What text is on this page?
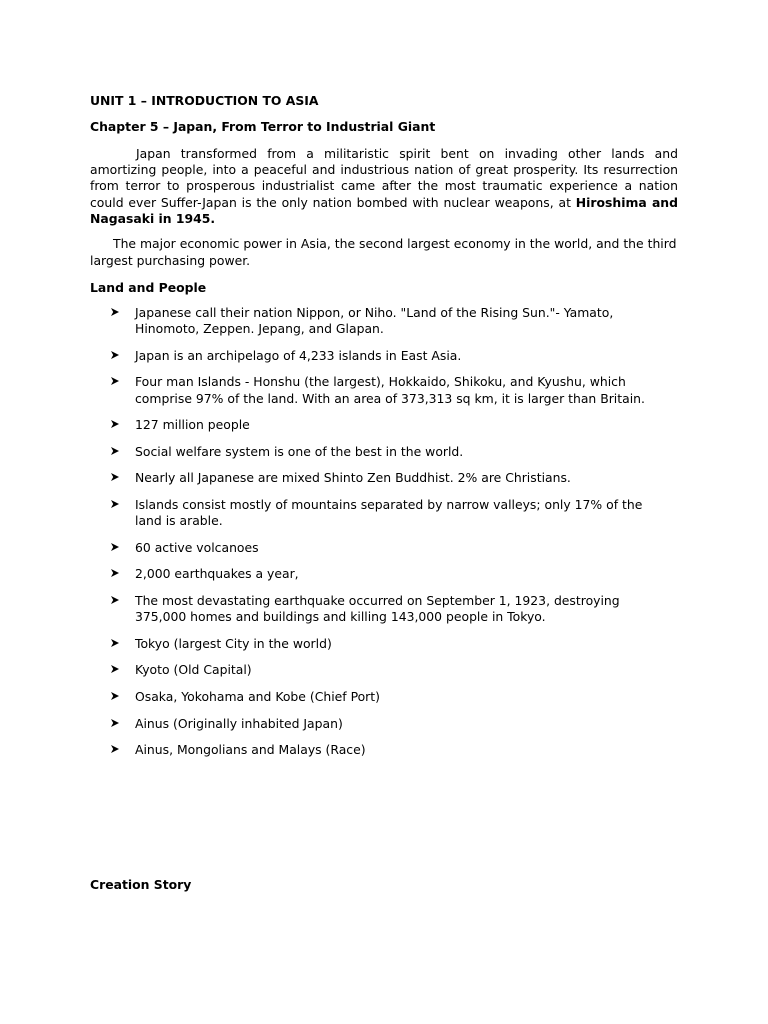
UNIT 1 – INTRODUCTION TO ASIA
Chapter 5 – Japan, From Terror to Industrial Giant

Japan transformed from a militaristic spirit bent on invading other lands and amortizing people, into a peaceful and industrious nation of great prosperity. Its resurrection from terror to prosperous industrialist came after the most traumatic experience a nation could ever Suffer-Japan is the only nation bombed with nuclear weapons, at Hiroshima and Nagasaki in 1945.

The major economic power in Asia, the second largest economy in the world, and the third largest purchasing power.

Land and People
Japanese call their nation Nippon, or Niho. "Land of the Rising Sun."- Yamato, Hinomoto, Zeppen. Jepang, and Glapan.
Japan is an archipelago of 4,233 islands in East Asia.
Four man Islands - Honshu (the largest), Hokkaido, Shikoku, and Kyushu, which comprise 97% of the land. With an area of 373,313 sq km, it is larger than Britain.
127 million people
Social welfare system is one of the best in the world.
Nearly all Japanese are mixed Shinto Zen Buddhist. 2% are Christians.
Islands consist mostly of mountains separated by narrow valleys; only 17% of the land is arable.
60 active volcanoes
2,000 earthquakes a year,
The most devastating earthquake occurred on September 1, 1923, destroying 375,000 homes and buildings and killing 143,000 people in Tokyo.
Tokyo (largest City in the world)
Kyoto (Old Capital)
Osaka, Yokohama and Kobe (Chief Port)
Ainus (Originally inhabited Japan)
Ainus, Mongolians and Malays (Race)
Creation Story
